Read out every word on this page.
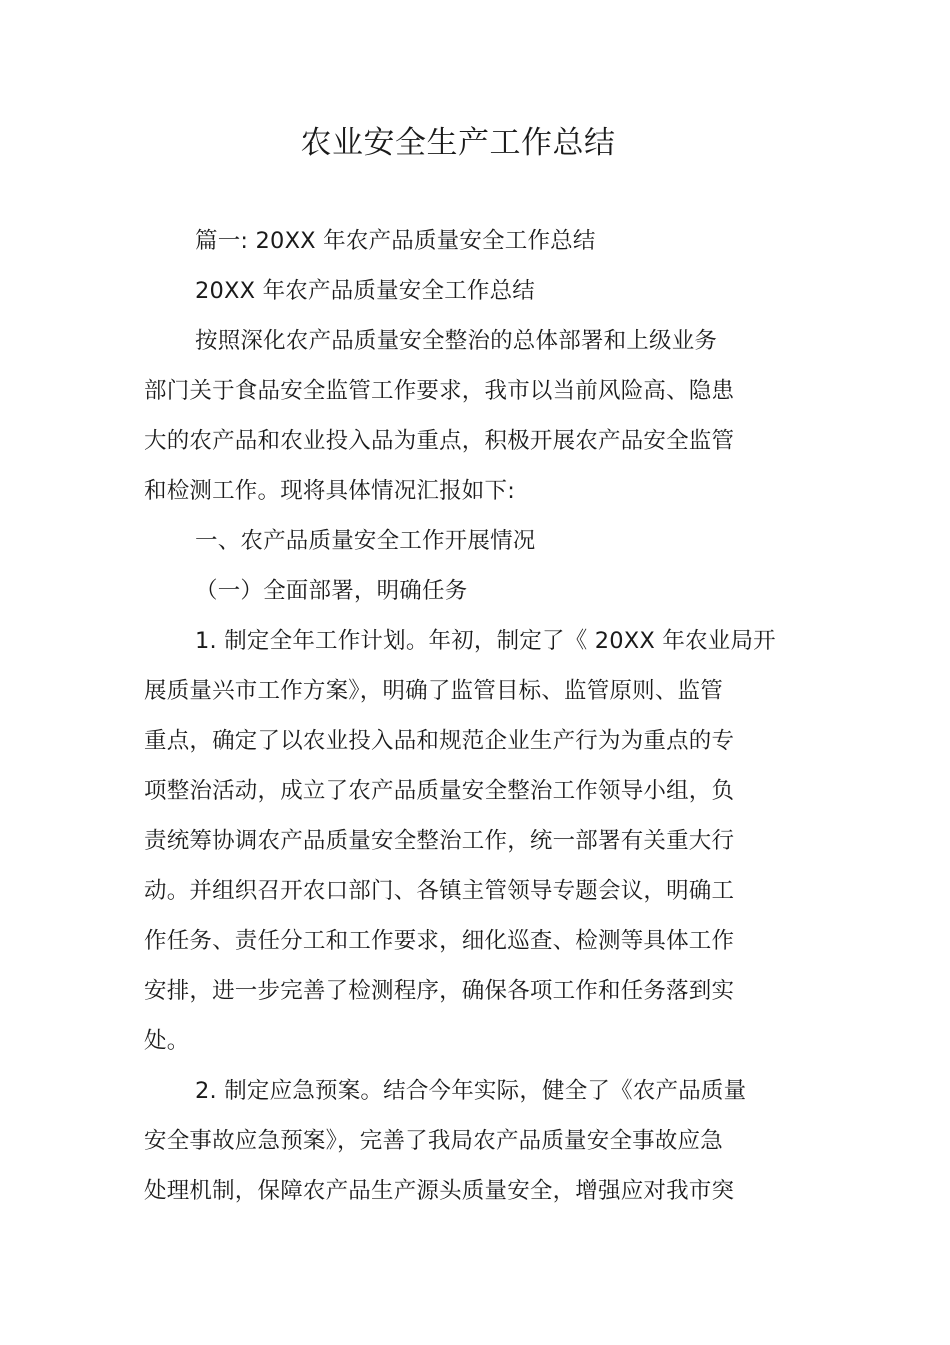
农业安全生产工作总结
篇一: 20XX 年农产品质量安全工作总结
20XX 年农产品质量安全工作总结
按照深化农产品质量安全整治的总体部署和上级业务
部门关于食品安全监管工作要求，我市以当前风险高、隐患
大的农产品和农业投入品为重点，积极开展农产品安全监管
和检测工作。现将具体情况汇报如下:
一、农产品质量安全工作开展情况
（一）全面部署，明确任务
1. 制定全年工作计划。年初，制定了《 20XX 年农业局开
展质量兴市工作方案》，明确了监管目标、监管原则、监管
重点，确定了以农业投入品和规范企业生产行为为重点的专
项整治活动，成立了农产品质量安全整治工作领导小组，负
责统筹协调农产品质量安全整治工作，统一部署有关重大行
动。并组织召开农口部门、各镇主管领导专题会议，明确工
作任务、责任分工和工作要求，细化巡查、检测等具体工作
安排，进一步完善了检测程序，确保各项工作和任务落到实
处。
2. 制定应急预案。结合今年实际，健全了《农产品质量
安全事故应急预案》，完善了我局农产品质量安全事故应急
处理机制，保障农产品生产源头质量安全，增强应对我市突
